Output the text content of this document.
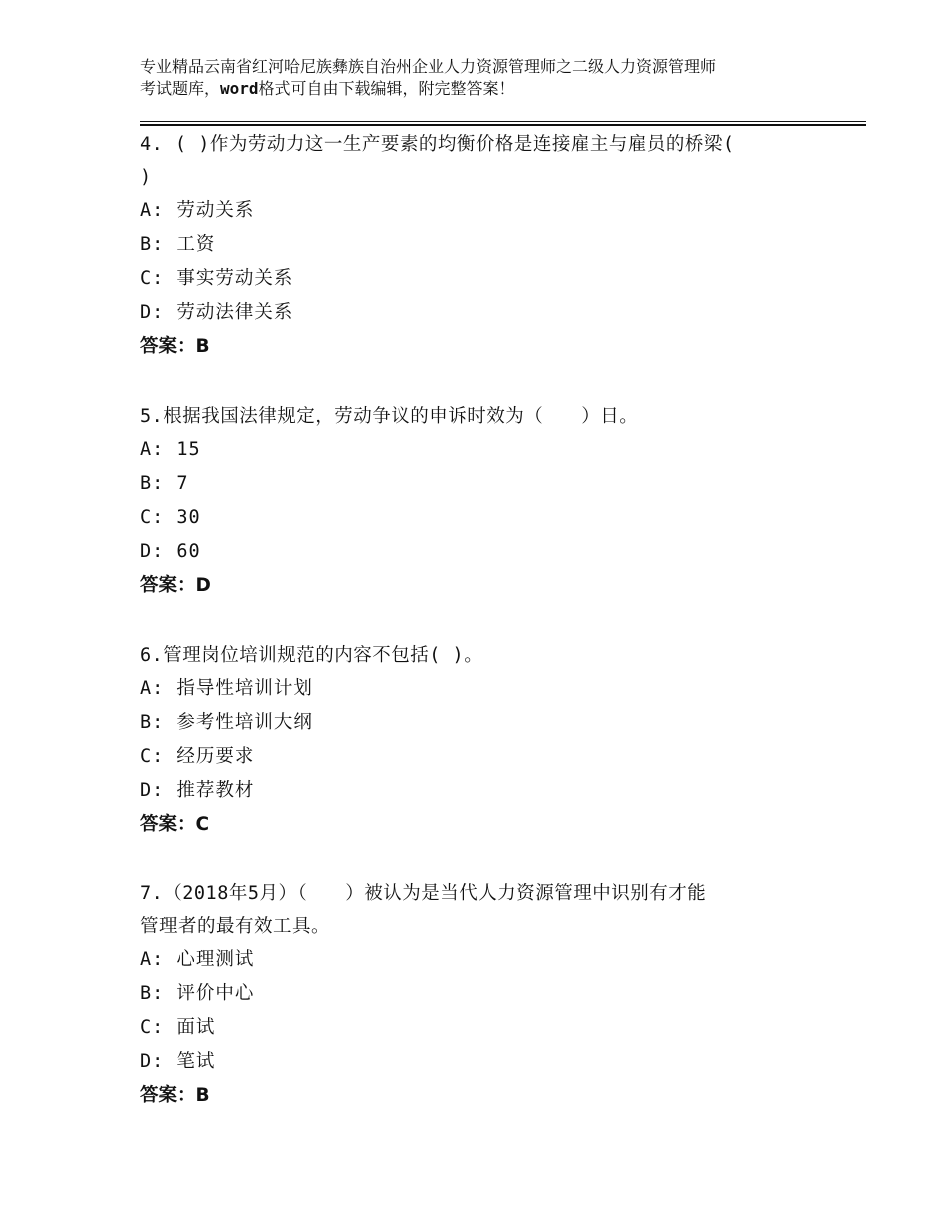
专业精品云南省红河哈尼族彝族自治州企业人力资源管理师之二级人力资源管理师
考试题库，word格式可自由下载编辑，附完整答案！

4. ( )作为劳动力这一生产要素的均衡价格是连接雇主与雇员的桥梁(
)

A: 劳动关系
B: 工资
C: 事实劳动关系
D: 劳动法律关系
答案：B

5.根据我国法律规定，劳动争议的申诉时效为（　　）日。

A: 15
B: 7
C: 30
D: 60
答案：D

6.管理岗位培训规范的内容不包括( )。

A: 指导性培训计划
B: 参考性培训大纲
C: 经历要求
D: 推荐教材
答案：C

7.（2018年5月）（　　）被认为是当代人力资源管理中识别有才能
管理者的最有效工具。

A: 心理测试
B: 评价中心
C: 面试
D: 笔试
答案：B
